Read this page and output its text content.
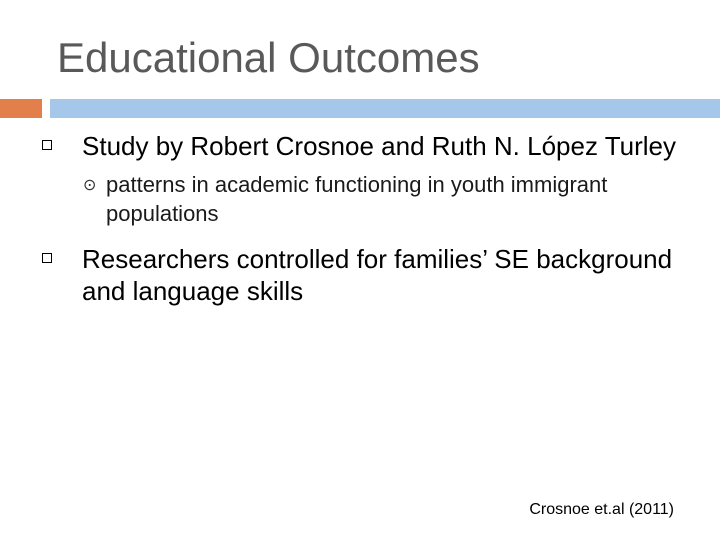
Educational Outcomes
Study by Robert Crosnoe and Ruth N. López Turley
⊙ patterns in academic functioning in youth immigrant populations
Researchers controlled for families’ SE background and language skills
Crosnoe et.al (2011)
